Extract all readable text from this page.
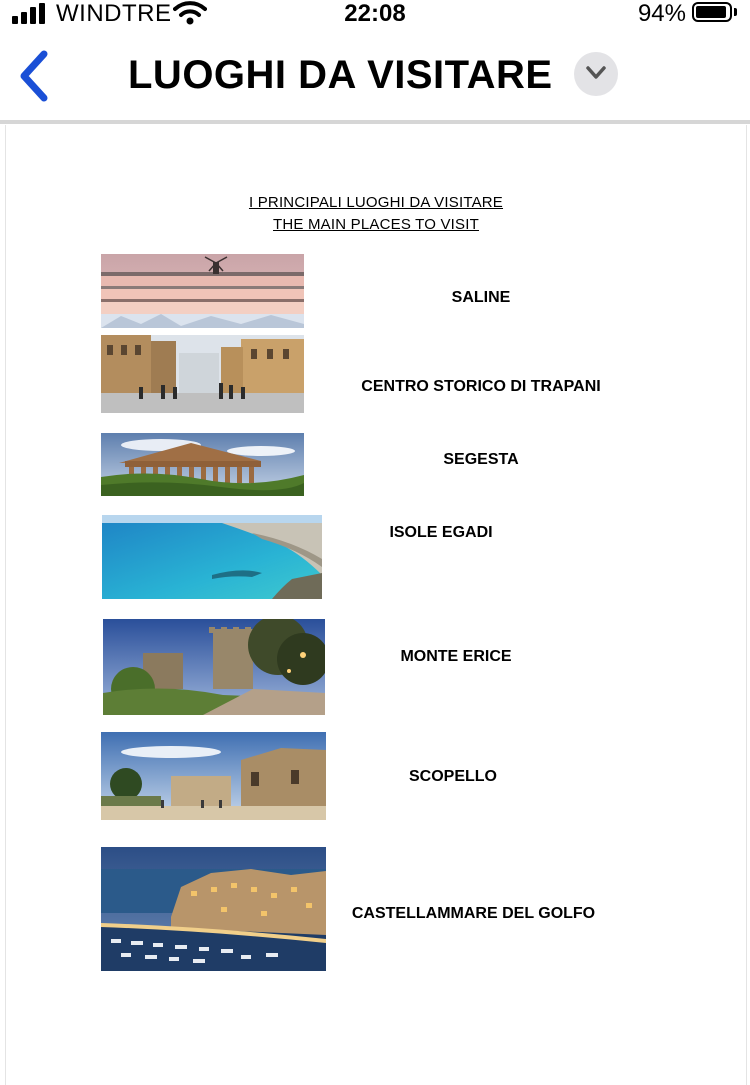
WINDTRE	22:08	94%
LUOGHI DA VISITARE
I PRINCIPALI LUOGHI DA VISITARE
THE MAIN PLACES TO VISIT
SALINE
CENTRO STORICO DI TRAPANI
SEGESTA
ISOLE EGADI
MONTE ERICE
SCOPELLO
CASTELLAMMARE DEL GOLFO
